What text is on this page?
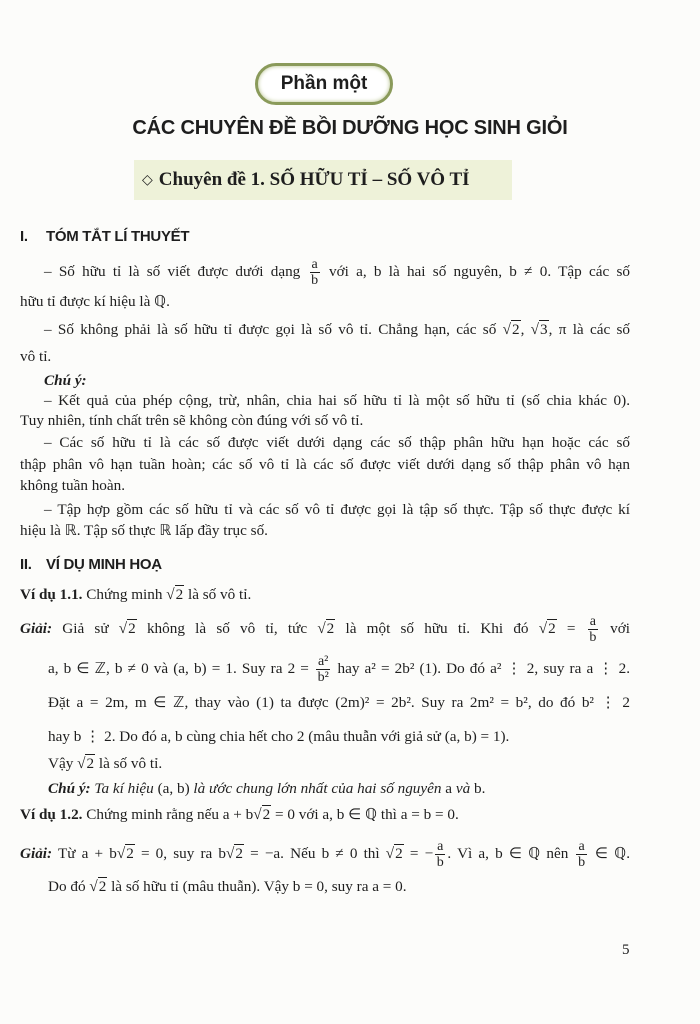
Phần một
CÁC CHUYÊN ĐỀ BỒI DƯỠNG HỌC SINH GIỎI
◇ Chuyên đề 1. SỐ HỮU TỈ – SỐ VÔ TỈ
I. TÓM TẮT LÍ THUYẾT
II. VÍ DỤ MINH HOẠ
– Số hữu tỉ là số viết được dưới dạng $\frac{a}{b}$ với a, b là hai số nguyên, b ≠ 0. Tập các số
hữu tỉ được kí hiệu là ℚ.
– Số không phải là số hữu tỉ được gọi là số vô tỉ. Chẳng hạn, các số √2, √3, π là các số
vô tỉ.
Chú ý:
– Kết quả của phép cộng, trừ, nhân, chia hai số hữu tỉ là một số hữu tỉ (số chia khác 0).
Tuy nhiên, tính chất trên sẽ không còn đúng với số vô tỉ.
– Các số hữu tỉ là các số được viết dưới dạng các số thập phân hữu hạn hoặc các số
thập phân vô hạn tuần hoàn; các số vô tỉ là các số được viết dưới dạng số thập phân vô hạn
không tuần hoàn.
– Tập hợp gồm các số hữu tỉ và các số vô tỉ được gọi là tập số thực. Tập số thực được kí
hiệu là ℝ. Tập số thực ℝ lấp đầy trục số.
Ví dụ 1.1. Chứng minh √2 là số vô tỉ.
Giải: Giả sử √2 không là số vô tỉ, tức √2 là một số hữu tỉ. Khi đó $√2 = \frac{a}{b}$ với
a, b ∈ ℤ, b ≠ 0 và (a, b) = 1. Suy ra $2 = \frac{\text{a²}}{\text{b²}}$ hay a² = 2b² (1). Do đó a² ⋮ 2, suy ra a ⋮ 2.
Đặt a = 2m, m ∈ ℤ, thay vào (1) ta được (2m)² = 2b². Suy ra 2m² = b², do đó b² ⋮ 2
hay b ⋮ 2. Do đó a, b cùng chia hết cho 2 (mâu thuẫn với giả sử (a, b) = 1).
Vậy √2 là số vô tỉ.
Chú ý: Ta kí hiệu (a, b) là ước chung lớn nhất của hai số nguyên a và b.
Ví dụ 1.2. Chứng minh rằng nếu a + b√2 = 0 với a, b ∈ ℚ thì a = b = 0.
Giải: Từ a + b√2 = 0, suy ra b√2 = −a. Nếu b ≠ 0 thì √2 = − $\frac{a}{b}$ . Vì a, b ∈ ℚ nên $\frac{a}{b}$ ∈ ℚ.
Do đó √2 là số hữu tỉ (mâu thuẫn). Vậy b = 0, suy ra a = 0.
5
